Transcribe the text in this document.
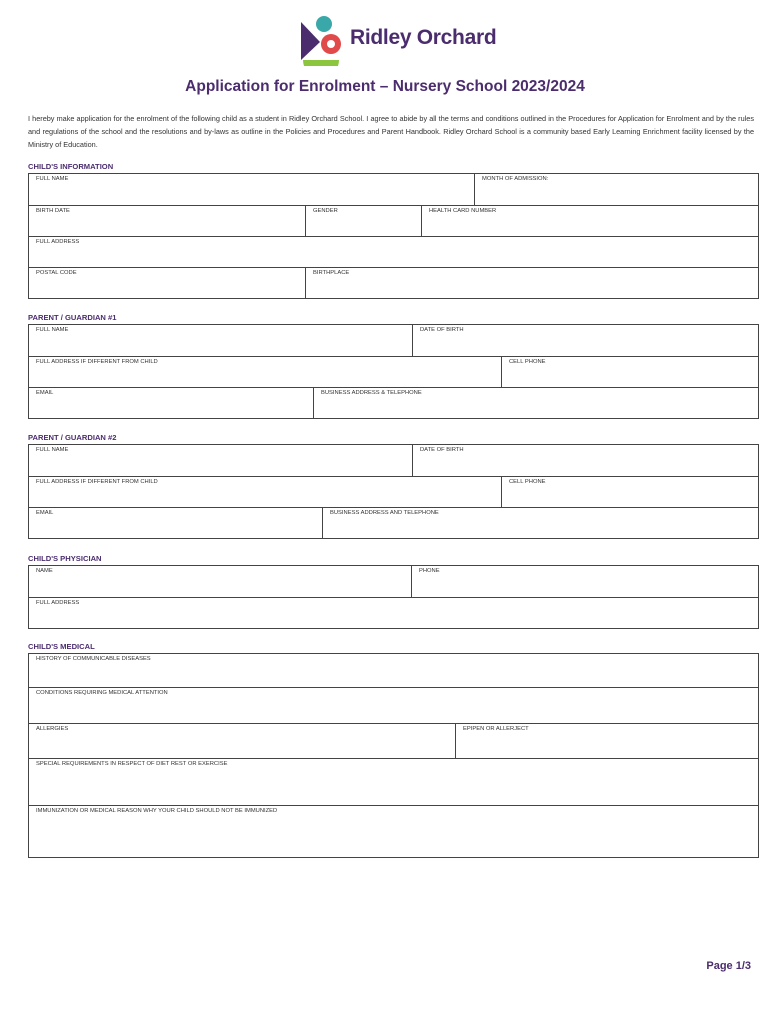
Ridley Orchard
Application for Enrolment – Nursery School 2023/2024
I hereby make application for the enrolment of the following child as a student in Ridley Orchard School. I agree to abide by all the terms and conditions outlined in the Procedures for Application for Enrolment and by the rules and regulations of the school and the resolutions and by-laws as outline in the Policies and Procedures and Parent Handbook. Ridley Orchard School is a community based Early Learning Enrichment facility licensed by the Ministry of Education.
CHILD'S INFORMATION
FULL NAME	MONTH OF ADMISSION:
BIRTH DATE	GENDER	HEALTH CARD NUMBER
FULL ADDRESS
POSTAL CODE	BIRTHPLACE
PARENT / GUARDIAN #1
FULL NAME	DATE OF BIRTH
FULL ADDRESS IF DIFFERENT FROM CHILD	CELL PHONE
EMAIL	BUSINESS ADDRESS & TELEPHONE
PARENT / GUARDIAN #2
FULL NAME	DATE OF BIRTH
FULL ADDRESS IF DIFFERENT FROM CHILD	CELL PHONE
EMAIL	BUSINESS ADDRESS AND TELEPHONE
CHILD'S PHYSICIAN
NAME	PHONE
FULL ADDRESS
CHILD'S MEDICAL
HISTORY OF COMMUNICABLE DISEASES
CONDITIONS REQUIRING MEDICAL ATTENTION
ALLERGIES	EPIPEN OR ALLERJECT
SPECIAL REQUIREMENTS IN RESPECT OF DIET REST OR EXERCISE
IMMUNIZATION OR MEDICAL REASON WHY YOUR CHILD SHOULD NOT BE IMMUNIZED
Page 1/3
